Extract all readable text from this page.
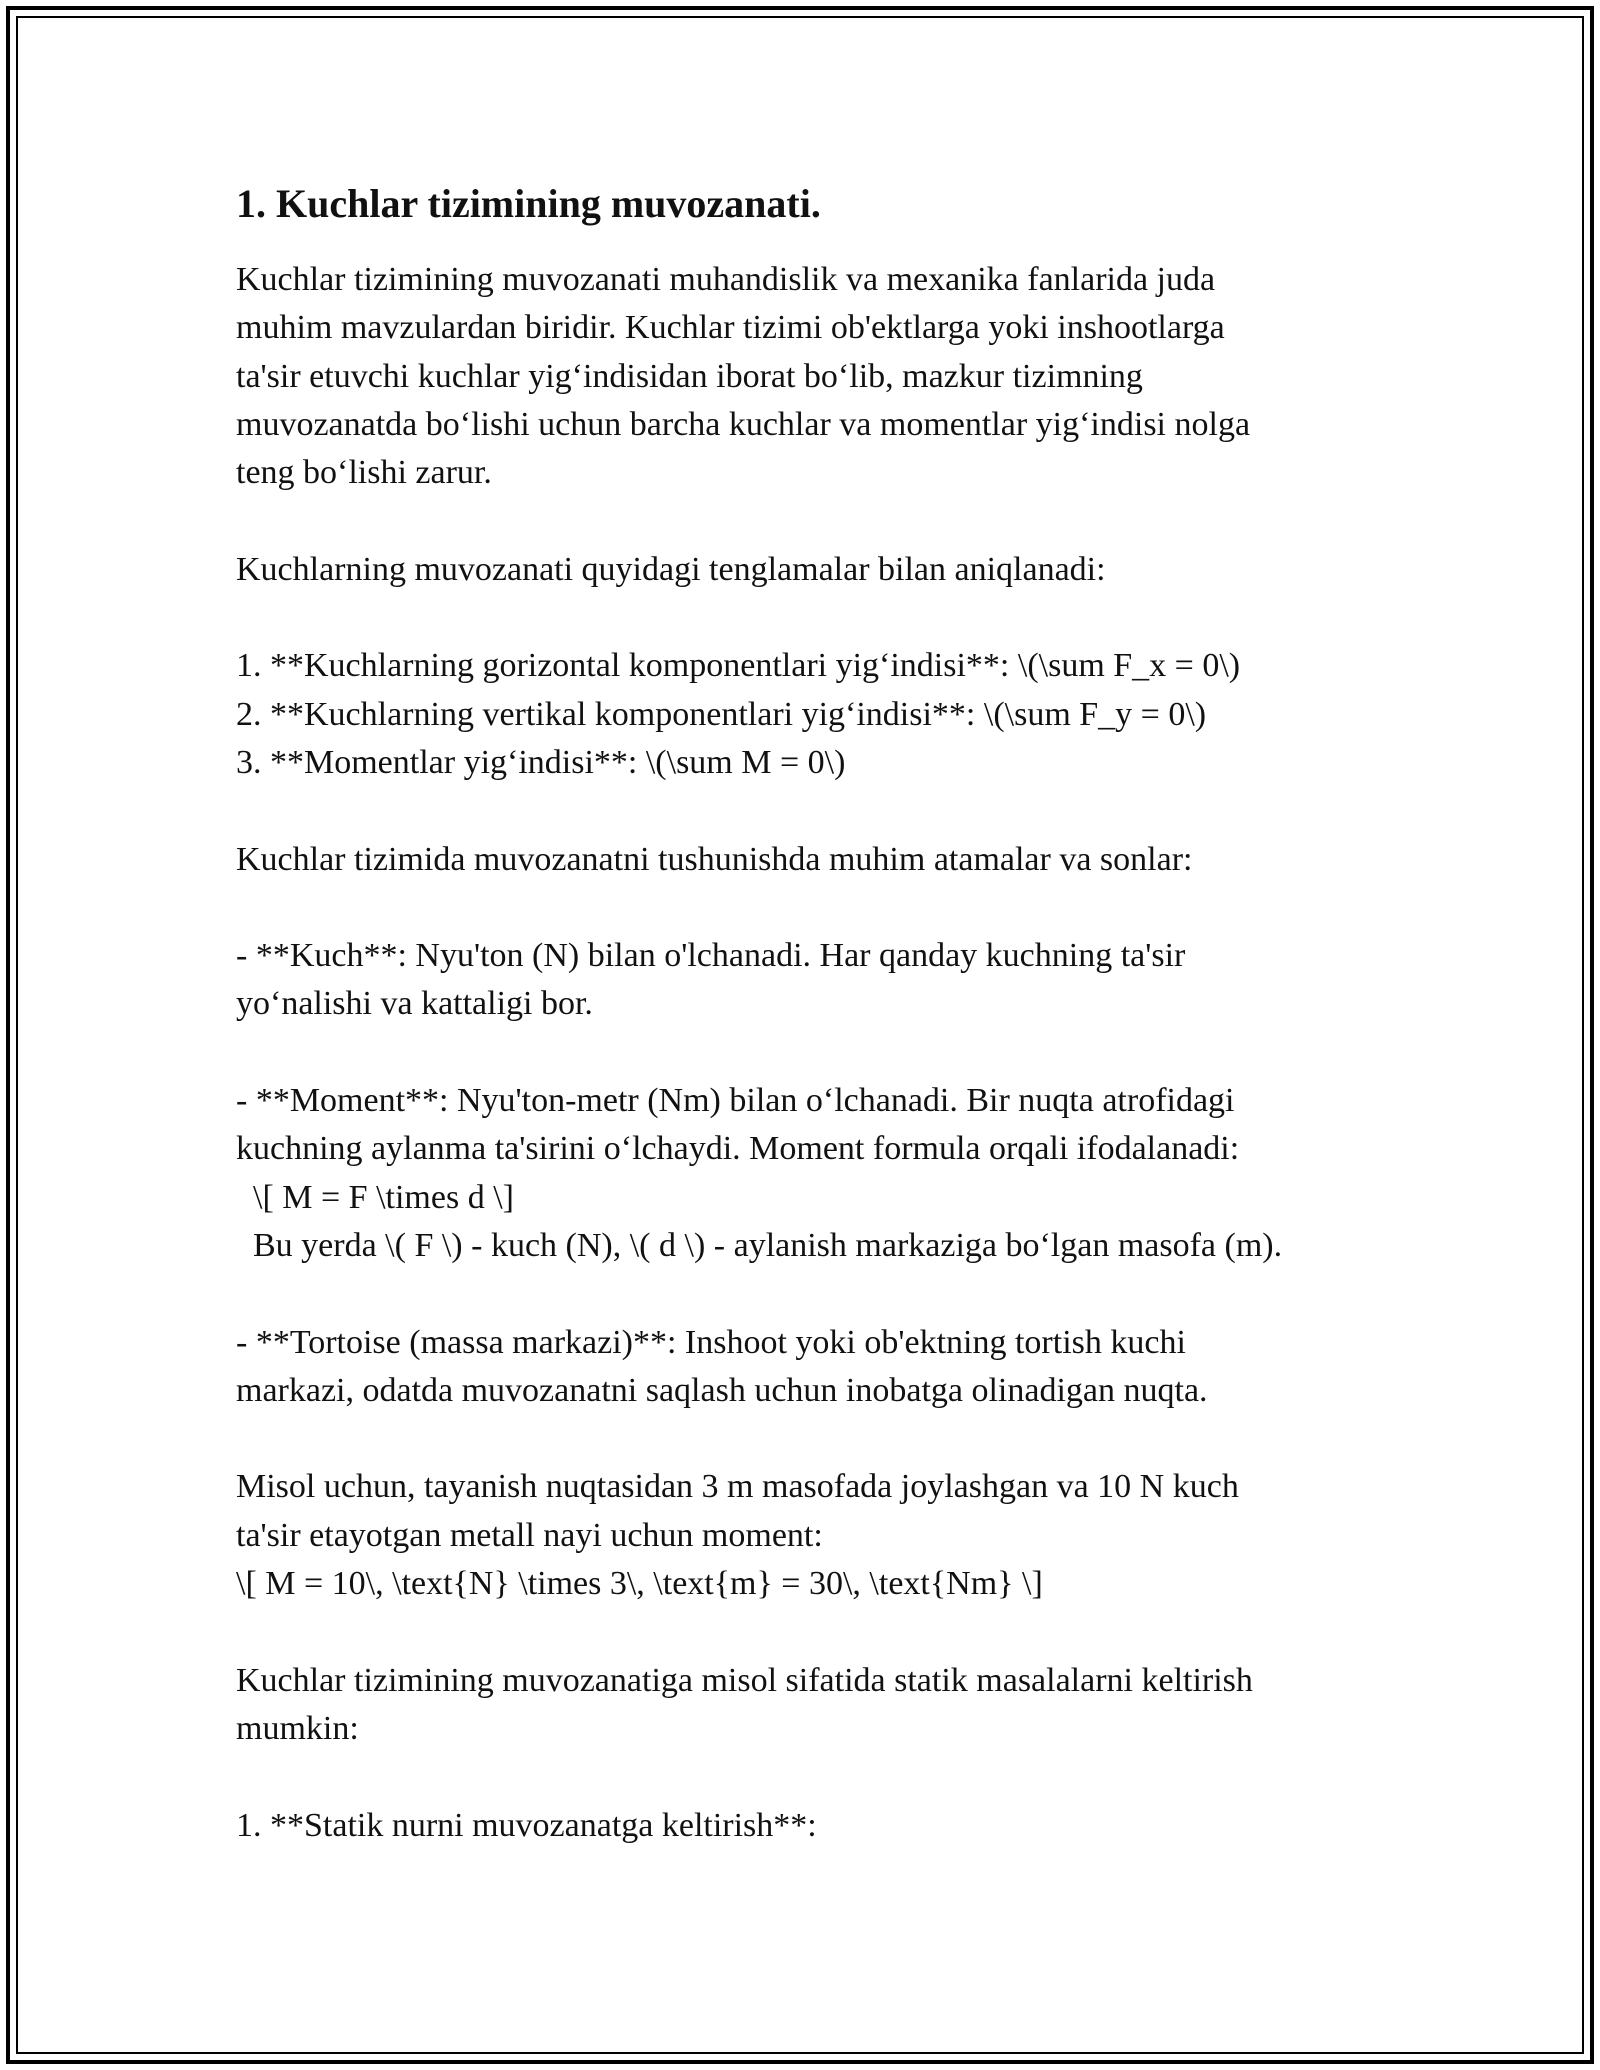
1. Kuchlar tizimining muvozanati.
Kuchlar tizimining muvozanati muhandislik va mexanika fanlarida juda
muhim mavzulardan biridir. Kuchlar tizimi ob'ektlarga yoki inshootlarga
ta'sir etuvchi kuchlar yig‘indisidan iborat bo‘lib, mazkur tizimning
muvozanatda bo‘lishi uchun barcha kuchlar va momentlar yig‘indisi nolga
teng bo‘lishi zarur.
Kuchlarning muvozanati quyidagi tenglamalar bilan aniqlanadi:
1. **Kuchlarning gorizontal komponentlari yig‘indisi**: \(\sum F_x = 0\)
2. **Kuchlarning vertikal komponentlari yig‘indisi**: \(\sum F_y = 0\)
3. **Momentlar yig‘indisi**: \(\sum M = 0\)
Kuchlar tizimida muvozanatni tushunishda muhim atamalar va sonlar:
- **Kuch**: Nyu'ton (N) bilan o'lchanadi. Har qanday kuchning ta'sir
yo‘nalishi va kattaligi bor.
- **Moment**: Nyu'ton-metr (Nm) bilan o‘lchanadi. Bir nuqta atrofidagi
kuchning aylanma ta'sirini o‘lchaydi. Moment formula orqali ifodalanadi:
\[ M = F \times d \]
Bu yerda \( F \) - kuch (N), \( d \) - aylanish markaziga bo‘lgan masofa (m).
- **Tortoise (massa markazi)**: Inshoot yoki ob'ektning tortish kuchi
markazi, odatda muvozanatni saqlash uchun inobatga olinadigan nuqta.
Misol uchun, tayanish nuqtasidan 3 m masofada joylashgan va 10 N kuch
ta'sir etayotgan metall nayi uchun moment:
\[ M = 10\, \text{N} \times 3\, \text{m} = 30\, \text{Nm} \]
Kuchlar tizimining muvozanatiga misol sifatida statik masalalarni keltirish
mumkin:
1. **Statik nurni muvozanatga keltirish**:
